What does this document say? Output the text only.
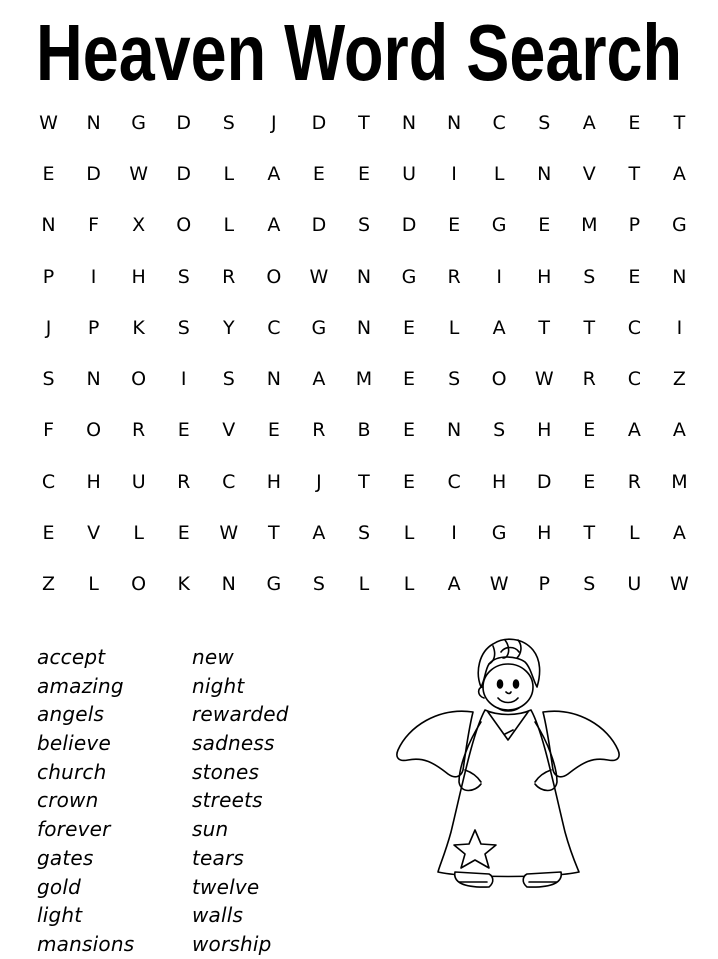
Heaven Word Search
W	N	G	D	S	J	D	T	N	N	C	S	A	E	T
E	D	W	D	L	A	E	E	U	I	L	N	V	T	A
N	F	X	O	L	A	D	S	D	E	G	E	M	P	G
P	I	H	S	R	O	W	N	G	R	I	H	S	E	N
J	P	K	S	Y	C	G	N	E	L	A	T	T	C	I
S	N	O	I	S	N	A	M	E	S	O	W	R	C	Z
F	O	R	E	V	E	R	B	E	N	S	H	E	A	A
C	H	U	R	C	H	J	T	E	C	H	D	E	R	M
E	V	L	E	W	T	A	S	L	I	G	H	T	L	A
Z	L	O	K	N	G	S	L	L	A	W	P	S	U	W
accept
amazing
angels
believe
church
crown
forever
gates
gold
light
mansions
new
night
rewarded
sadness
stones
streets
sun
tears
twelve
walls
worship
